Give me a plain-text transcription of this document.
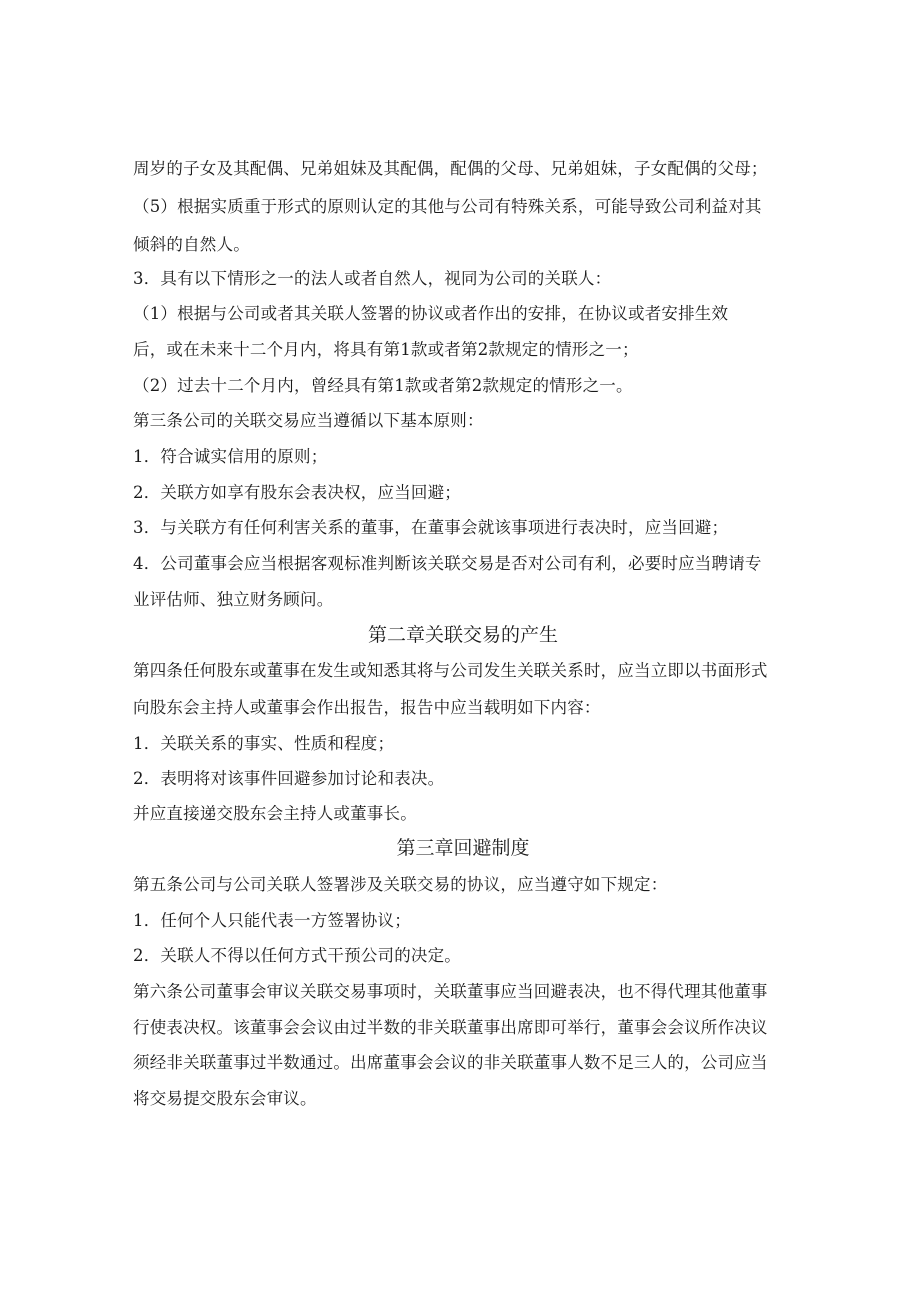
周岁的子女及其配偶、兄弟姐妹及其配偶，配偶的父母、兄弟姐妹，子女配偶的父母；
（5）根据实质重于形式的原则认定的其他与公司有特殊关系，可能导致公司利益对其
倾斜的自然人。
3．具有以下情形之一的法人或者自然人，视同为公司的关联人：
（1）根据与公司或者其关联人签署的协议或者作出的安排，在协议或者安排生效
后，或在未来十二个月内，将具有第1款或者第2款规定的情形之一；
（2）过去十二个月内，曾经具有第1款或者第2款规定的情形之一。
第三条公司的关联交易应当遵循以下基本原则：
1．符合诚实信用的原则；
2．关联方如享有股东会表决权，应当回避；
3．与关联方有任何利害关系的董事，在董事会就该事项进行表决时，应当回避；
4．公司董事会应当根据客观标准判断该关联交易是否对公司有利，必要时应当聘请专
业评估师、独立财务顾问。
第二章关联交易的产生
第四条任何股东或董事在发生或知悉其将与公司发生关联关系时，应当立即以书面形式
向股东会主持人或董事会作出报告，报告中应当载明如下内容：
1．关联关系的事实、性质和程度；
2．表明将对该事件回避参加讨论和表决。
并应直接递交股东会主持人或董事长。
第三章回避制度
第五条公司与公司关联人签署涉及关联交易的协议，应当遵守如下规定：
1．任何个人只能代表一方签署协议；
2．关联人不得以任何方式干预公司的决定。
第六条公司董事会审议关联交易事项时，关联董事应当回避表决，也不得代理其他董事
行使表决权。该董事会会议由过半数的非关联董事出席即可举行，董事会会议所作决议
须经非关联董事过半数通过。出席董事会会议的非关联董事人数不足三人的，公司应当
将交易提交股东会审议。
